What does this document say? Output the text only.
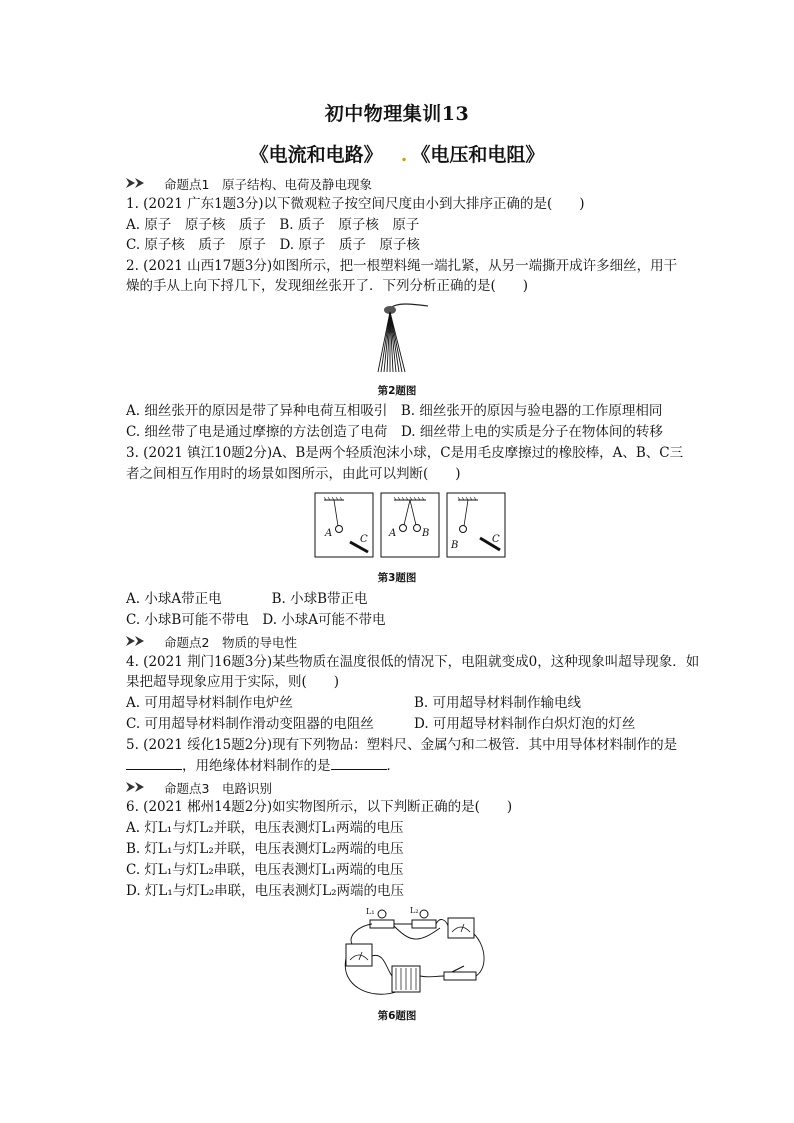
初中物理集训13
《电流和电路》 . 《电压和电阻》
命题点1　原子结构、电荷及静电现象
1. (2021 广东1题3分)以下微观粒子按空间尺度由小到大排序正确的是(　　)
A. 原子　原子核　质子　 B. 质子　原子核　原子
C. 原子核　质子　原子　 D. 原子　质子　原子核
2. (2021 山西17题3分)如图所示，把一根塑料绳一端扎紧，从另一端撕开成许多细丝，用干
燥的手从上向下捋几下，发现细丝张开了．下列分析正确的是(　　)
第2题图
A. 细丝张开的原因是带了异种电荷互相吸引　 B. 细丝张开的原因与验电器的工作原理相同
C. 细丝带了电是通过摩擦的方法创造了电荷　 D. 细丝带上电的实质是分子在物体间的转移
3. (2021 镇江10题2分)A、B是两个轻质泡沫小球，C是用毛皮摩擦过的橡胶棒，A、B、C三
者之间相互作用时的场景如图所示，由此可以判断(　　)
A
C
A	B
B
C
第3题图
A. 小球A带正电	B. 小球B带正电
C. 小球B可能不带电　 D. 小球A可能不带电
命题点2　物质的导电性
4. (2021 荆门16题3分)某些物质在温度很低的情况下，电阻就变成0，这种现象叫超导现象．如
果把超导现象应用于实际，则(　　)
A. 可用超导材料制作电炉丝	B. 可用超导材料制作输电线
C. 可用超导材料制作滑动变阻器的电阻丝	D. 可用超导材料制作白炽灯泡的灯丝
5. (2021 绥化15题2分)现有下列物品：塑料尺、金属勺和二极管．其中用导体材料制作的是
，用绝缘体材料制作的是	．
命题点3　电路识别
6. (2021 郴州14题2分)如实物图所示，以下判断正确的是(　　)
A. 灯L₁与灯L₂并联，电压表测灯L₁两端的电压
B. 灯L₁与灯L₂并联，电压表测灯L₂两端的电压
C. 灯L₁与灯L₂串联，电压表测灯L₁两端的电压
D. 灯L₁与灯L₂串联，电压表测灯L₂两端的电压
L₁	L₂
第6题图
